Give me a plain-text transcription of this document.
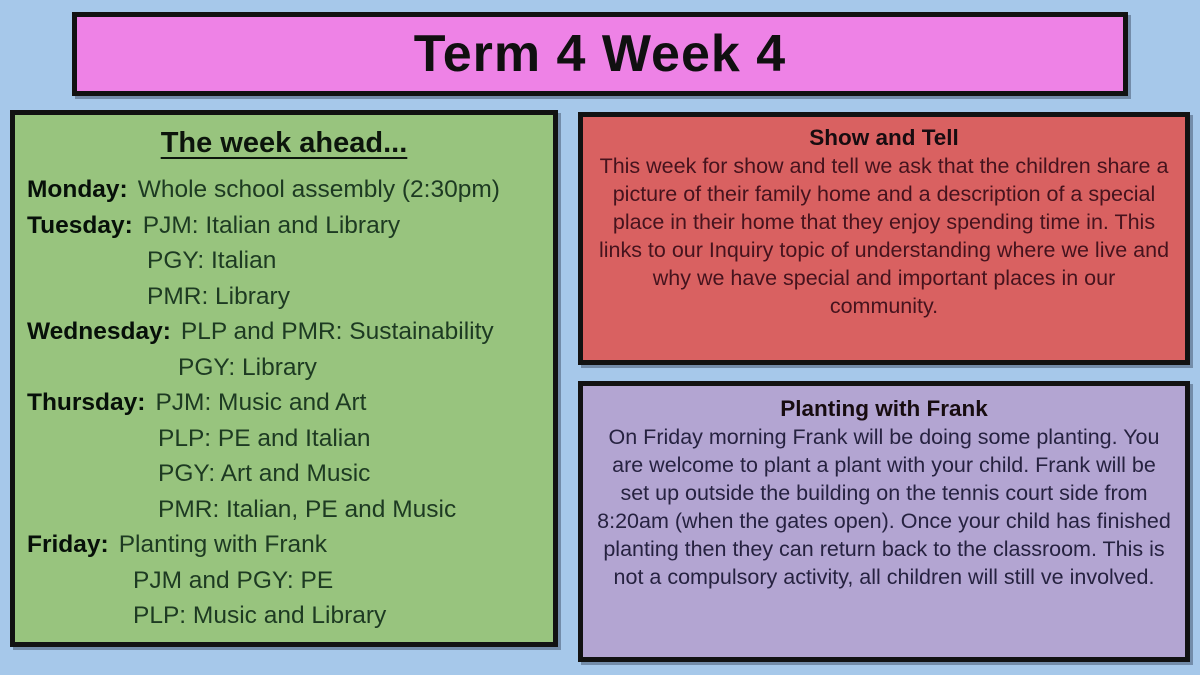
Term 4 Week 4
The week ahead...
Monday: Whole school assembly (2:30pm)
Tuesday: PJM: Italian and Library
PGY: Italian
PMR: Library
Wednesday: PLP and PMR: Sustainability
PGY: Library
Thursday: PJM: Music and Art
PLP: PE and Italian
PGY: Art and Music
PMR: Italian, PE and Music
Friday: Planting with Frank
PJM and PGY: PE
PLP: Music and Library
Show and Tell
This week for show and tell we ask that the children share a picture of their family home and a description of a special place in their home that they enjoy spending time in. This links to our Inquiry topic of understanding where we live and why we have special and important places in our community.
Planting with Frank
On Friday morning Frank will be doing some planting. You are welcome to plant a plant with your child. Frank will be set up outside the building on the tennis court side from 8:20am (when the gates open). Once your child has finished planting then they can return back to the classroom. This is not a compulsory activity, all children will still ve involved.
